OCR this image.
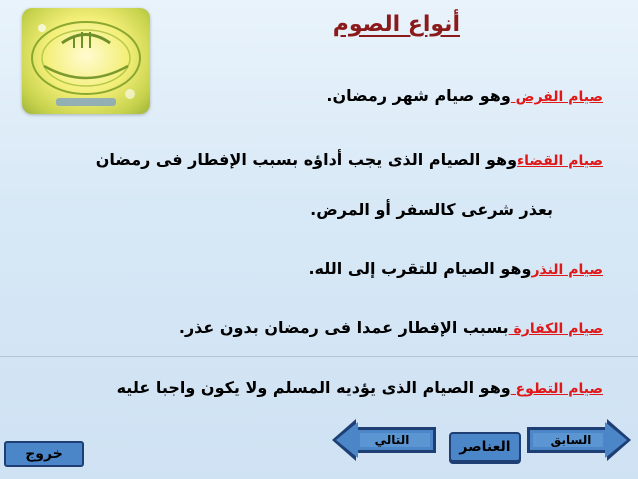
أنواع الصوم
صيام الفرض وهو صيام شهر رمضان.
صيام القضاءوهو الصيام الذى يجب أداؤه بسبب الإفطار فى رمضان
بعذر شرعى كالسفر أو المرض.
صيام النذروهو الصيام للتقرب إلى الله.
صيام الكفارة بسبب الإفطار عمدا فى رمضان بدون عذر.
صيام التطوع وهو الصيام الذى يؤديه المسلم ولا يكون واجبا عليه
التالي	العناصر	السابق
خروج
